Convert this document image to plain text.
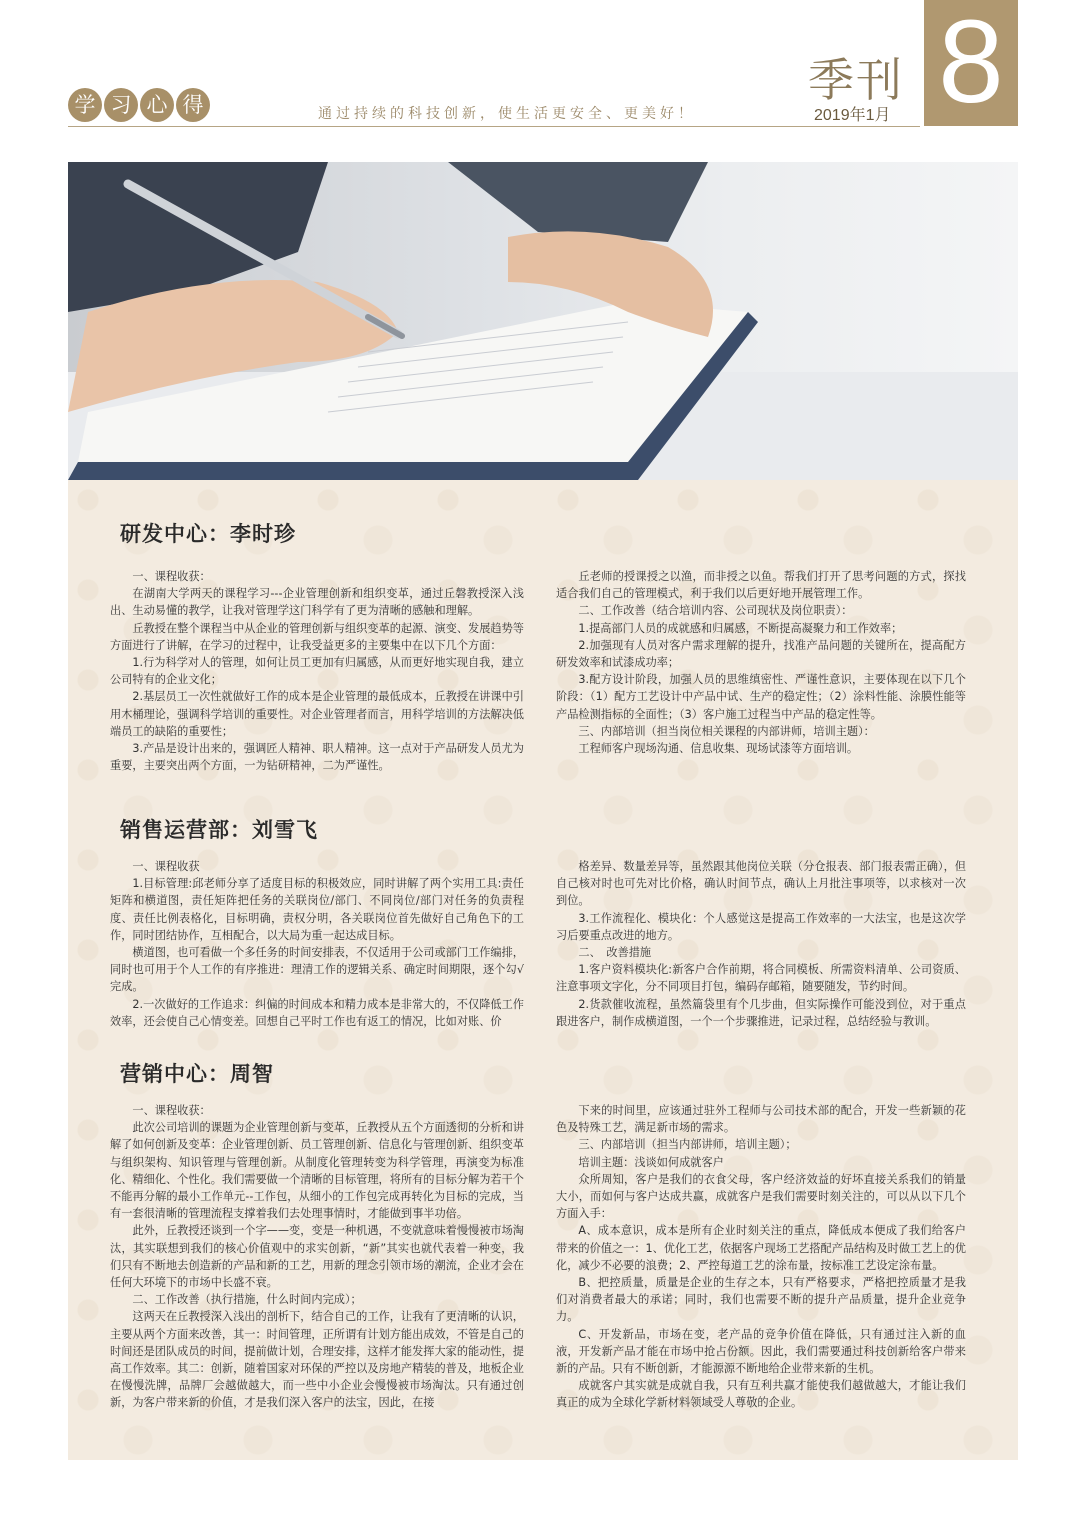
学 习 心 得	通过持续的科技创新，使生活更安全、更美好！
季刊
2019年1月 8
研发中心：李时珍

一、课程收获：

在湖南大学两天的课程学习---企业管理创新和组织变革，通过丘磐教授深入浅出、生动易懂的教学，让我对管理学这门科学有了更为清晰的感触和理解。

丘教授在整个课程当中从企业的管理创新与组织变革的起源、演变、发展趋势等方面进行了讲解，在学习的过程中，让我受益更多的主要集中在以下几个方面：

1.行为科学对人的管理，如何让员工更加有归属感，从而更好地实现自我，建立公司特有的企业文化；

2.基层员工一次性就做好工作的成本是企业管理的最低成本，丘教授在讲课中引用木桶理论，强调科学培训的重要性。对企业管理者而言，用科学培训的方法解决低端员工的缺陷的重要性；

3.产品是设计出来的，强调匠人精神、职人精神。这一点对于产品研发人员尤为重要，主要突出两个方面，一为钻研精神，二为严谨性。

丘老师的授课授之以渔，而非授之以鱼。帮我们打开了思考问题的方式，探找适合我们自己的管理模式，利于我们以后更好地开展管理工作。

二、工作改善（结合培训内容、公司现状及岗位职责）：

1.提高部门人员的成就感和归属感，不断提高凝聚力和工作效率；

2.加强现有人员对客户需求理解的提升，找准产品问题的关键所在，提高配方研发效率和试漆成功率；

3.配方设计阶段，加强人员的思维缜密性、严谨性意识，主要体现在以下几个阶段：（1）配方工艺设计中产品中试、生产的稳定性；（2）涂料性能、涂膜性能等产品检测指标的全面性；（3）客户施工过程当中产品的稳定性等。

三、内部培训（担当岗位相关课程的内部讲师，培训主题）：

工程师客户现场沟通、信息收集、现场试漆等方面培训。

销售运营部：刘雪飞

一、课程收获

1.目标管理:邱老师分享了适度目标的积极效应，同时讲解了两个实用工具:责任矩阵和横道图，责任矩阵把任务的关联岗位/部门、不同岗位/部门对任务的负责程度、责任比例表格化，目标明确，责权分明，各关联岗位首先做好自己角色下的工作，同时团结协作，互相配合，以大局为重一起达成目标。

横道图，也可看做一个多任务的时间安排表，不仅适用于公司或部门工作编排，同时也可用于个人工作的有序推进：理清工作的逻辑关系、确定时间期限，逐个勾√完成。

2.一次做好的工作追求：纠偏的时间成本和精力成本是非常大的，不仅降低工作效率，还会使自己心情变差。回想自己平时工作也有返工的情况，比如对账、价

格差异、数量差异等，虽然跟其他岗位关联（分仓报表、部门报表需正确），但自己核对时也可先对比价格，确认时间节点，确认上月批注事项等，以求核对一次到位。

3.工作流程化、模块化：个人感觉这是提高工作效率的一大法宝，也是这次学习后要重点改进的地方。

二、　改善措施

1.客户资料模块化:新客户合作前期，将合同模板、所需资料清单、公司资质、注意事项文字化，分不同项目打包，编码存邮箱，随要随发，节约时间。

2.货款催收流程，虽然篇袋里有个几步曲，但实际操作可能没到位，对于重点跟进客户，制作成横道图，一个一个步骤推进，记录过程，总结经验与教训。

营销中心：周智

一、课程收获：

此次公司培训的课题为企业管理创新与变革，丘教授从五个方面透彻的分析和讲解了如何创新及变革：企业管理创新、员工管理创新、信息化与管理创新、组织变革与组织架构、知识管理与管理创新。从制度化管理转变为科学管理，再演变为标准化、精细化、个性化。我们需要做一个清晰的目标管理，将所有的目标分解为若干个不能再分解的最小工作单元--工作包，从细小的工作包完成再转化为目标的完成，当有一套很清晰的管理流程支撑着我们去处理事情时，才能做到事半功倍。

此外，丘教授还谈到一个字——变，变是一种机遇，不变就意味着慢慢被市场淘汰，其实联想到我们的核心价值观中的求实创新，“新”其实也就代表着一种变，我们只有不断地去创造新的产品和新的工艺，用新的理念引领市场的潮流，企业才会在任何大环境下的市场中长盛不衰。

二、工作改善（执行措施，什么时间内完成）；

这两天在丘教授深入浅出的剖析下，结合自己的工作，让我有了更清晰的认识，主要从两个方面来改善，其一：时间管理，正所谓有计划方能出成效，不管是自己的时间还是团队成员的时间，提前做计划，合理安排，这样才能发挥大家的能动性，提高工作效率。其二：创新，随着国家对环保的严控以及房地产精装的普及，地板企业在慢慢洗牌，品牌厂会越做越大，而一些中小企业会慢慢被市场淘汰。只有通过创新，为客户带来新的价值，才是我们深入客户的法宝，因此，在接

下来的时间里，应该通过驻外工程师与公司技术部的配合，开发一些新颖的花色及特殊工艺，满足新市场的需求。

三、内部培训（担当内部讲师，培训主题）；

培训主题：浅谈如何成就客户

众所周知，客户是我们的衣食父母，客户经济效益的好坏直接关系我们的销量大小，而如何与客户达成共赢，成就客户是我们需要时刻关注的，可以从以下几个方面入手：

A、成本意识，成本是所有企业时刻关注的重点，降低成本便成了我们给客户带来的价值之一：1、优化工艺，依据客户现场工艺搭配产品结构及时做工艺上的优化，减少不必要的浪费；2、严控每道工艺的涂布量，按标准工艺设定涂布量。

B、把控质量，质量是企业的生存之本，只有严格要求，严格把控质量才是我们对消费者最大的承诺；同时，我们也需要不断的提升产品质量，提升企业竞争力。

C、开发新品，市场在变，老产品的竞争价值在降低，只有通过注入新的血液，开发新产品才能在市场中抢占份额。因此，我们需要通过科技创新给客户带来新的产品。只有不断创新，才能源源不断地给企业带来新的生机。

成就客户其实就是成就自我，只有互利共赢才能使我们越做越大，才能让我们真正的成为全球化学新材料领域受人尊敬的企业。
